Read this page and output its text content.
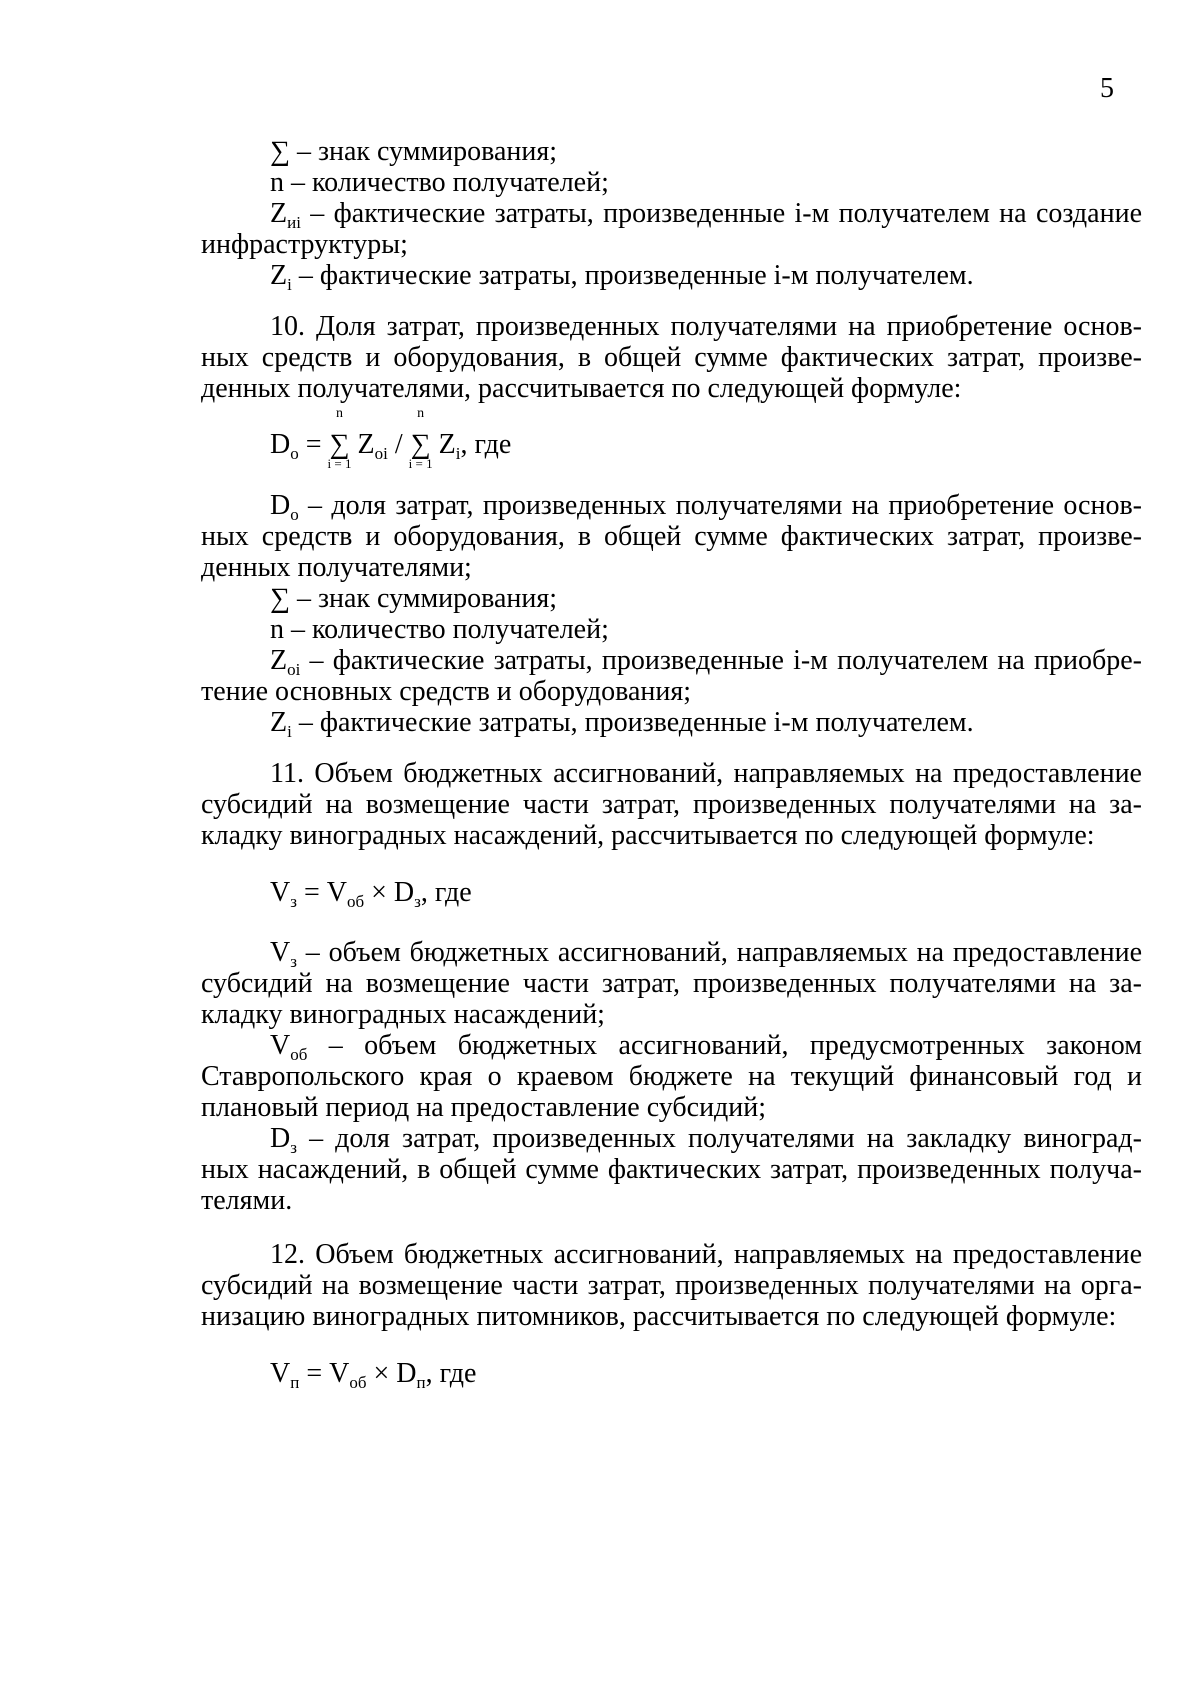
5
∑ – знак суммирования;
n – количество получателей;
$Z_{иi}$ – фактические затраты, произведенные i-м получателем на создание
инфраструктуры;
$Z_i$ – фактические затраты, произведенные i-м получателем.
10. Доля затрат, произведенных получателями на приобретение основ-
ных средств и оборудования, в общей сумме фактических затрат, произве-
денных получателями, рассчитывается по следующей формуле:
$D_o$ =
n
∑
i = 1
$Z_{oi}$ /
n
∑
i = 1
$Z_i$, где
$D_o$ – доля затрат, произведенных получателями на приобретение основ-
ных средств и оборудования, в общей сумме фактических затрат, произве-
денных получателями;
∑ – знак суммирования;
n – количество получателей;
$Z_{oi}$ – фактические затраты, произведенные i-м получателем на приобре-
тение основных средств и оборудования;
$Z_i$ – фактические затраты, произведенные i-м получателем.
11. Объем бюджетных ассигнований, направляемых на предоставление
субсидий на возмещение части затрат, произведенных получателями на за-
кладку виноградных насаждений, рассчитывается по следующей формуле:
$V_з = V_{об} \times D_з$, где
$V_з$ – объем бюджетных ассигнований, направляемых на предоставление
субсидий на возмещение части затрат, произведенных получателями на за-
кладку виноградных насаждений;
$V_{об}$ – объем бюджетных ассигнований, предусмотренных законом
Ставропольского края о краевом бюджете на текущий финансовый год и
плановый период на предоставление субсидий;
$D_з$ – доля затрат, произведенных получателями на закладку виноград-
ных насаждений, в общей сумме фактических затрат, произведенных получа-
телями.
12. Объем бюджетных ассигнований, направляемых на предоставление
субсидий на возмещение части затрат, произведенных получателями на орга-
низацию виноградных питомников, рассчитывается по следующей формуле:
$V_п = V_{об} \times D_п$, где
